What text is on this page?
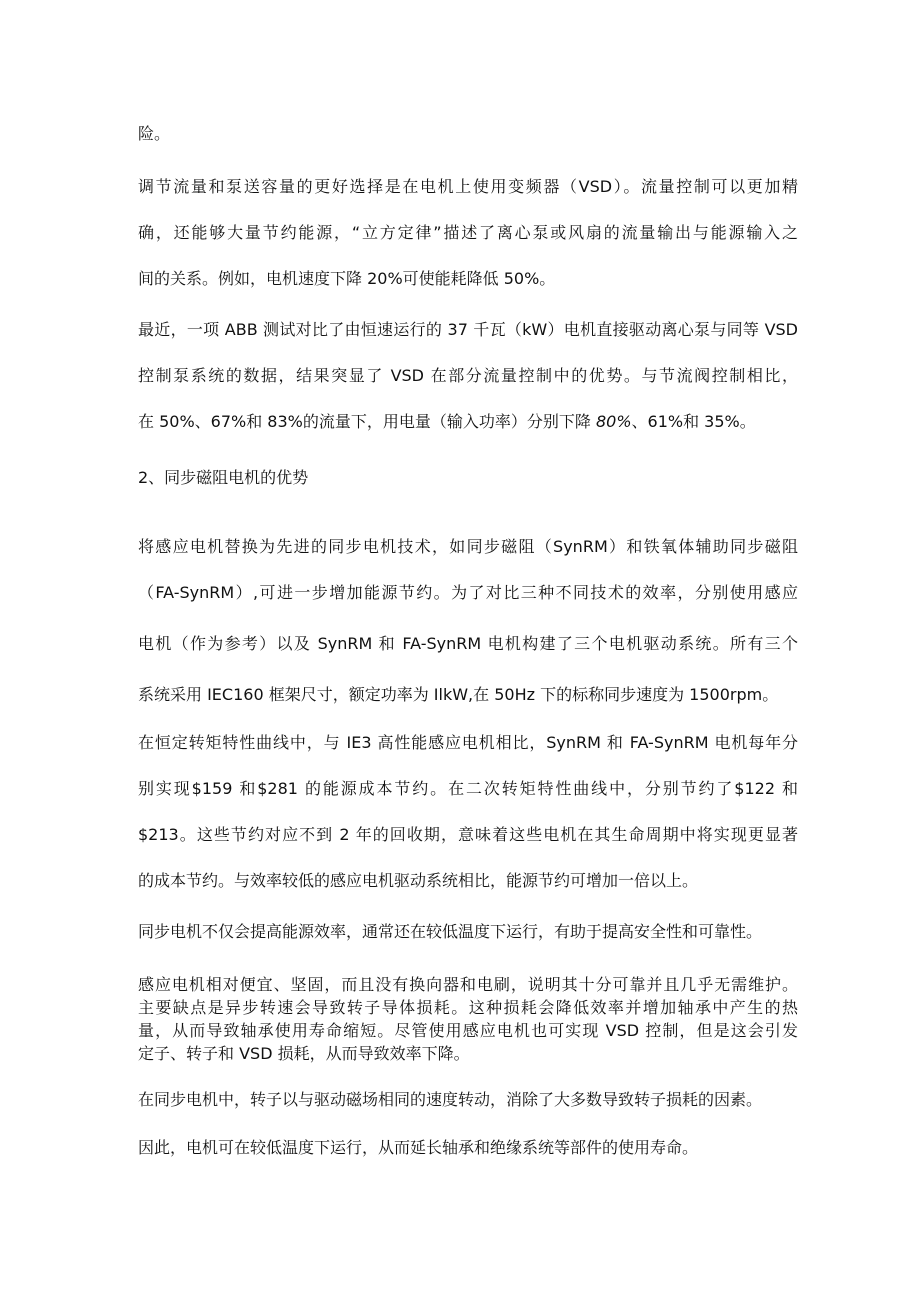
险。

调节流量和泵送容量的更好选择是在电机上使用变频器（VSD）。流量控制可以更加精

确，还能够大量节约能源，“立方定律”描述了离心泵或风扇的流量输出与能源输入之

间的关系。例如，电机速度下降 20%可使能耗降低 50%。

最近，一项 ABB 测试对比了由恒速运行的 37 千瓦（kW）电机直接驱动离心泵与同等 VSD

控制泵系统的数据，结果突显了 VSD 在部分流量控制中的优势。与节流阀控制相比，

在 50%、67%和 83%的流量下，用电量（输入功率）分别下降 80%、61%和 35%。

2、同步磁阻电机的优势

将感应电机替换为先进的同步电机技术，如同步磁阻（SynRM）和铁氧体辅助同步磁阻

（FA-SynRM）,可进一步增加能源节约。为了对比三种不同技术的效率，分别使用感应

电机（作为参考）以及 SynRM 和 FA-SynRM 电机构建了三个电机驱动系统。所有三个

系统采用 IEC160 框架尺寸，额定功率为 IlkW,在 50Hz 下的标称同步速度为 1500rpm。

在恒定转矩特性曲线中，与 IE3 高性能感应电机相比，SynRM 和 FA-SynRM 电机每年分

别实现$159 和$281 的能源成本节约。在二次转矩特性曲线中，分别节约了$122 和

$213。这些节约对应不到 2 年的回收期，意味着这些电机在其生命周期中将实现更显著

的成本节约。与效率较低的感应电机驱动系统相比，能源节约可增加一倍以上。

同步电机不仅会提高能源效率，通常还在较低温度下运行，有助于提高安全性和可靠性。

感应电机相对便宜、坚固，而且没有换向器和电刷，说明其十分可靠并且几乎无需维护。

主要缺点是异步转速会导致转子导体损耗。这种损耗会降低效率并增加轴承中产生的热

量，从而导致轴承使用寿命缩短。尽管使用感应电机也可实现 VSD 控制，但是这会引发

定子、转子和 VSD 损耗，从而导致效率下降。

在同步电机中，转子以与驱动磁场相同的速度转动，消除了大多数导致转子损耗的因素。

因此，电机可在较低温度下运行，从而延长轴承和绝缘系统等部件的使用寿命。
